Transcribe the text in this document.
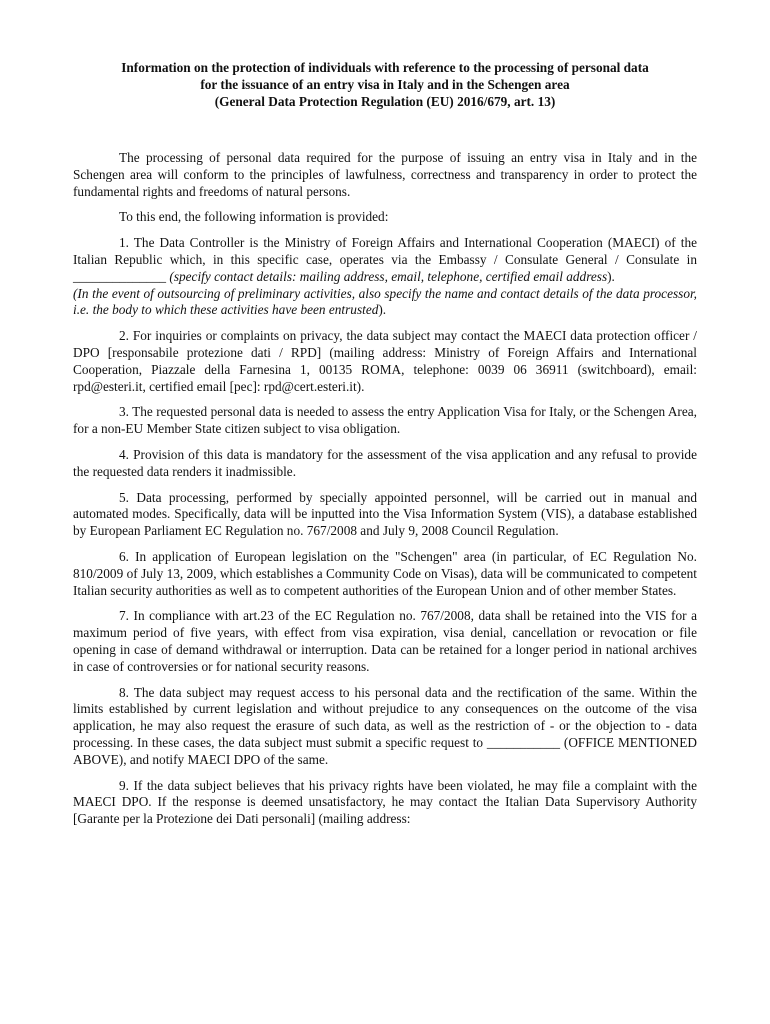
Information on the protection of individuals with reference to the processing of personal data
for the issuance of an entry visa in Italy and in the Schengen area
(General Data Protection Regulation (EU) 2016/679, art. 13)

The processing of personal data required for the purpose of issuing an entry visa in Italy and in the Schengen area will conform to the principles of lawfulness, correctness and transparency in order to protect the fundamental rights and freedoms of natural persons.

To this end, the following information is provided:

1. The Data Controller is the Ministry of Foreign Affairs and International Cooperation (MAECI) of the Italian Republic which, in this specific case, operates via the Embassy / Consulate General / Consulate in ______________ (specify contact details: mailing address, email, telephone, certified email address).
(In the event of outsourcing of preliminary activities, also specify the name and contact details of the data processor, i.e. the body to which these activities have been entrusted).

2. For inquiries or complaints on privacy, the data subject may contact the MAECI data protection officer / DPO [responsabile protezione dati / RPD] (mailing address: Ministry of Foreign Affairs and International Cooperation, Piazzale della Farnesina 1, 00135 ROMA, telephone: 0039 06 36911 (switchboard), email: rpd@esteri.it, certified email [pec]: rpd@cert.esteri.it).

3. The requested personal data is needed to assess the entry Application Visa for Italy, or the Schengen Area, for a non-EU Member State citizen subject to visa obligation.

4. Provision of this data is mandatory for the assessment of the visa application and any refusal to provide the requested data renders it inadmissible.

5. Data processing, performed by specially appointed personnel, will be carried out in manual and automated modes. Specifically, data will be inputted into the Visa Information System (VIS), a database established by European Parliament EC Regulation no. 767/2008 and July 9, 2008 Council Regulation.

6. In application of European legislation on the "Schengen" area (in particular, of EC Regulation No. 810/2009 of July 13, 2009, which establishes a Community Code on Visas), data will be communicated to competent Italian security authorities as well as to competent authorities of the European Union and of other member States.

7. In compliance with art.23 of the EC Regulation no. 767/2008, data shall be retained into the VIS for a maximum period of five years, with effect from visa expiration, visa denial, cancellation or revocation or file opening in case of demand withdrawal or interruption. Data can be retained for a longer period in national archives in case of controversies or for national security reasons.

8. The data subject may request access to his personal data and the rectification of the same. Within the limits established by current legislation and without prejudice to any consequences on the outcome of the visa application, he may also request the erasure of such data, as well as the restriction of - or the objection to - data processing. In these cases, the data subject must submit a specific request to ___________ (OFFICE MENTIONED ABOVE), and notify MAECI DPO of the same.

9. If the data subject believes that his privacy rights have been violated, he may file a complaint with the MAECI DPO. If the response is deemed unsatisfactory, he may contact the Italian Data Supervisory Authority [Garante per la Protezione dei Dati personali] (mailing address:
